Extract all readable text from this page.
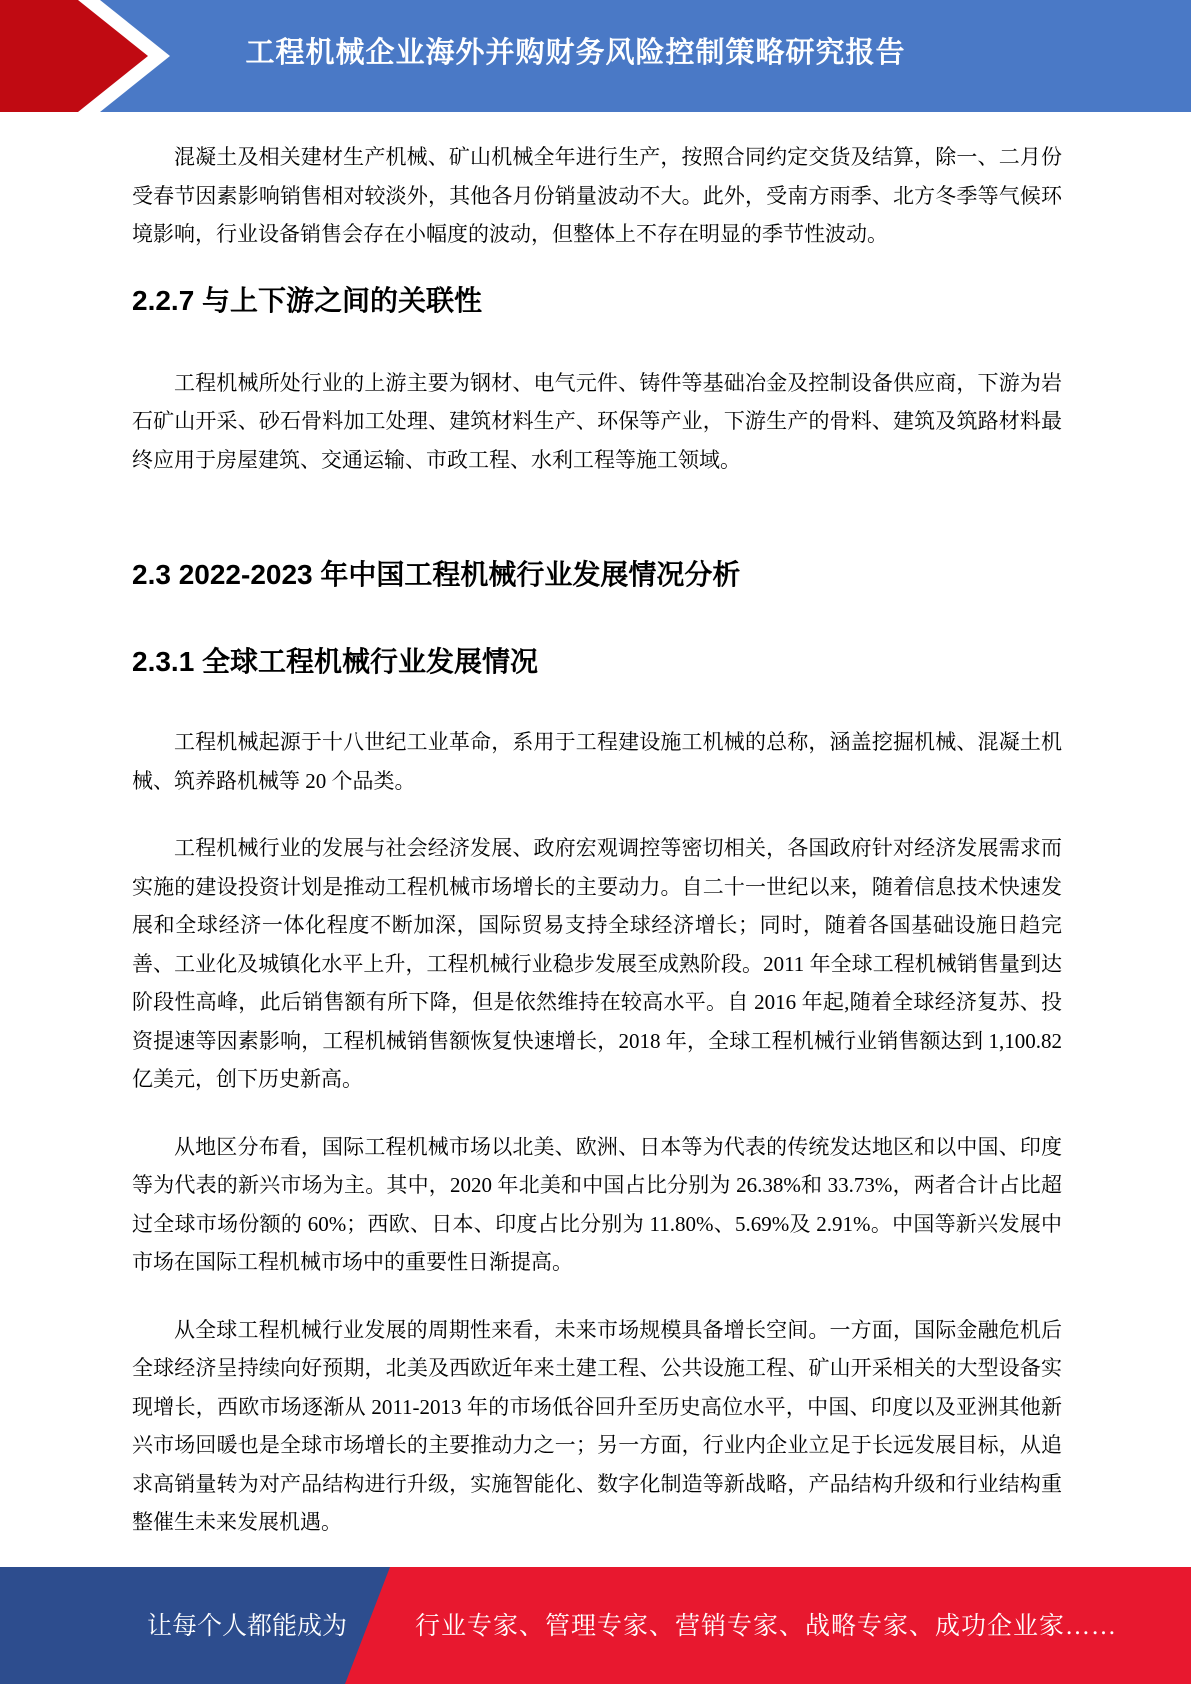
工程机械企业海外并购财务风险控制策略研究报告

混凝土及相关建材生产机械、矿山机械全年进行生产，按照合同约定交货及结算，除一、二月份受春节因素影响销售相对较淡外，其他各月份销量波动不大。此外，受南方雨季、北方冬季等气候环境影响，行业设备销售会存在小幅度的波动，但整体上不存在明显的季节性波动。

2.2.7 与上下游之间的关联性

工程机械所处行业的上游主要为钢材、电气元件、铸件等基础冶金及控制设备供应商，下游为岩石矿山开采、砂石骨料加工处理、建筑材料生产、环保等产业，下游生产的骨料、建筑及筑路材料最终应用于房屋建筑、交通运输、市政工程、水利工程等施工领域。

2.3 2022-2023 年中国工程机械行业发展情况分析
2.3.1 全球工程机械行业发展情况

工程机械起源于十八世纪工业革命，系用于工程建设施工机械的总称，涵盖挖掘机械、混凝土机械、筑养路机械等 20 个品类。

工程机械行业的发展与社会经济发展、政府宏观调控等密切相关，各国政府针对经济发展需求而实施的建设投资计划是推动工程机械市场增长的主要动力。自二十一世纪以来，随着信息技术快速发展和全球经济一体化程度不断加深，国际贸易支持全球经济增长；同时，随着各国基础设施日趋完善、工业化及城镇化水平上升，工程机械行业稳步发展至成熟阶段。2011 年全球工程机械销售量到达阶段性高峰，此后销售额有所下降，但是依然维持在较高水平。自 2016 年起,随着全球经济复苏、投资提速等因素影响，工程机械销售额恢复快速增长，2018 年，全球工程机械行业销售额达到 1,100.82 亿美元，创下历史新高。

从地区分布看，国际工程机械市场以北美、欧洲、日本等为代表的传统发达地区和以中国、印度等为代表的新兴市场为主。其中，2020 年北美和中国占比分别为 26.38%和 33.73%，两者合计占比超过全球市场份额的 60%；西欧、日本、印度占比分别为 11.80%、5.69%及 2.91%。中国等新兴发展中市场在国际工程机械市场中的重要性日渐提高。

从全球工程机械行业发展的周期性来看，未来市场规模具备增长空间。一方面，国际金融危机后全球经济呈持续向好预期，北美及西欧近年来土建工程、公共设施工程、矿山开采相关的大型设备实现增长，西欧市场逐渐从 2011-2013 年的市场低谷回升至历史高位水平，中国、印度以及亚洲其他新兴市场回暖也是全球市场增长的主要推动力之一；另一方面，行业内企业立足于长远发展目标，从追求高销量转为对产品结构进行升级，实施智能化、数字化制造等新战略，产品结构升级和行业结构重整催生未来发展机遇。

让每个人都能成为	行业专家、管理专家、营销专家、战略专家、成功企业家……
